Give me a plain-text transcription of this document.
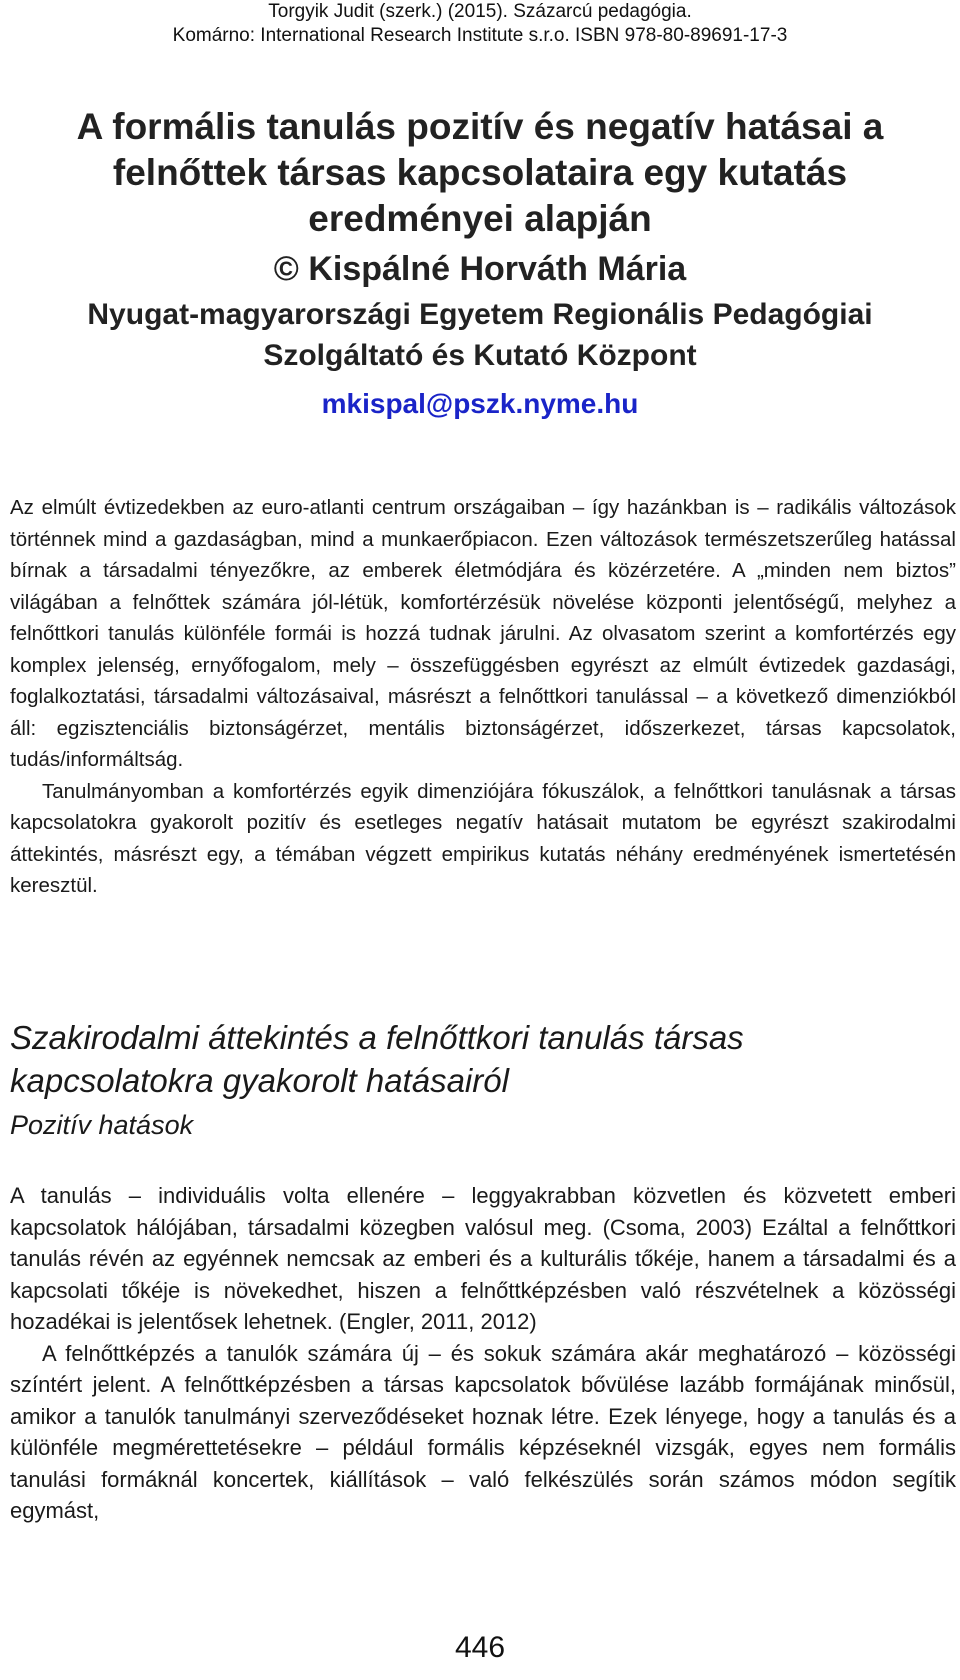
Torgyik Judit (szerk.) (2015). Százarcú pedagógia.
Komárno: International Research Institute s.r.o. ISBN 978-80-89691-17-3
A formális tanulás pozitív és negatív hatásai a
felnőttek társas kapcsolataira egy kutatás
eredményei alapján
© Kispálné Horváth Mária
Nyugat-magyarországi Egyetem Regionális Pedagógiai
Szolgáltató és Kutató Központ
mkispal@pszk.nyme.hu

Az elmúlt évtizedekben az euro-atlanti centrum országaiban – így hazánkban is – radikális változások történnek mind a gazdaságban, mind a munkaerőpiacon. Ezen változások természetszerűleg hatással bírnak a társadalmi tényezőkre, az emberek életmódjára és közérzetére. A „minden nem biztos” világában a felnőttek számára jól-létük, komfortérzésük növelése központi jelentőségű, melyhez a felnőttkori tanulás különféle formái is hozzá tudnak járulni. Az olvasatom szerint a komfortérzés egy komplex jelenség, ernyőfogalom, mely – összefüggésben egyrészt az elmúlt évtizedek gazdasági, foglalkoztatási, társadalmi változásaival, másrészt a felnőttkori tanulással – a következő dimenziókból áll: egzisztenciális biztonságérzet, mentális biztonságérzet, időszerkezet, társas kapcsolatok, tudás/informáltság.

Tanulmányomban a komfortérzés egyik dimenziójára fókuszálok, a felnőttkori tanulásnak a társas kapcsolatokra gyakorolt pozitív és esetleges negatív hatásait mutatom be egyrészt szakirodalmi áttekintés, másrészt egy, a témában végzett empirikus kutatás néhány eredményének ismertetésén keresztül.

Szakirodalmi áttekintés a felnőttkori tanulás társas kapcsolatokra gyakorolt hatásairól
Pozitív hatások

A tanulás – individuális volta ellenére – leggyakrabban közvetlen és közvetett emberi kapcsolatok hálójában, társadalmi közegben valósul meg. (Csoma, 2003) Ezáltal a felnőttkori tanulás révén az egyénnek nemcsak az emberi és a kulturális tőkéje, hanem a társadalmi és a kapcsolati tőkéje is növekedhet, hiszen a felnőttképzésben való részvételnek a közösségi hozadékai is jelentősek lehetnek. (Engler, 2011, 2012)

A felnőttképzés a tanulók számára új – és sokuk számára akár meghatározó – közösségi színtért jelent. A felnőttképzésben a társas kapcsolatok bővülése lazább formájának minősül, amikor a tanulók tanulmányi szerveződéseket hoznak létre. Ezek lényege, hogy a tanulás és a különféle megmérettetésekre – például formális képzéseknél vizsgák, egyes nem formális tanulási formáknál koncertek, kiállítások – való felkészülés során számos módon segítik egymást,

446
